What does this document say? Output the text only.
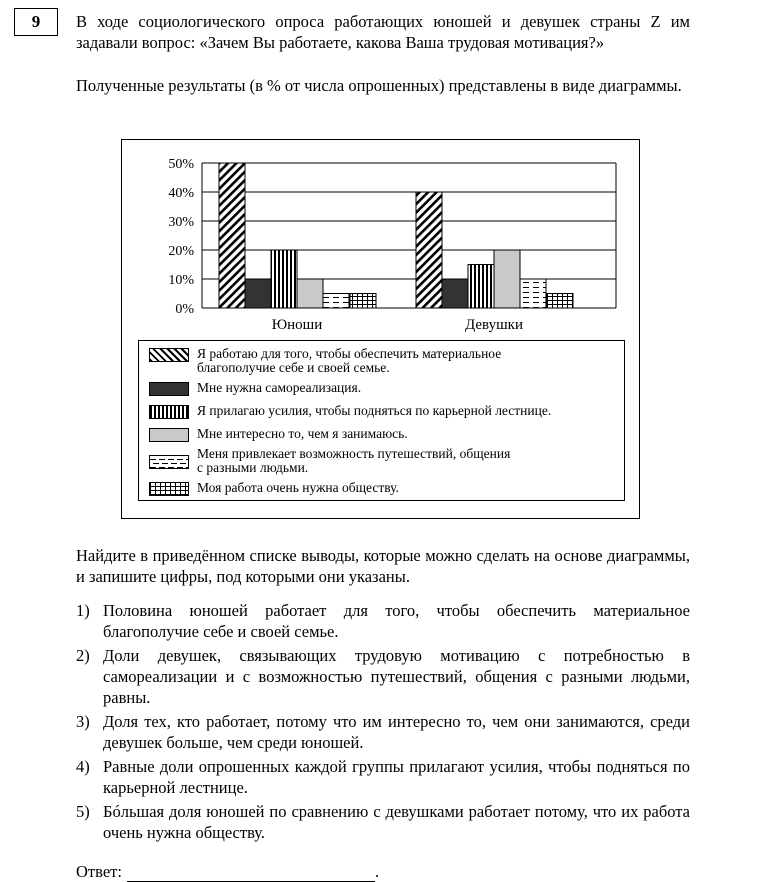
9	В ходе социологического опроса работающих юношей и девушек страны Z им задавали вопрос: «Зачем Вы работаете, какова Ваша трудовая мотивация?»
Полученные результаты (в % от числа опрошенных) представлены в виде диаграммы.
0%
10%
20%
30%
40%
50%
Юноши	Девушки
Я работаю для того, чтобы обеспечить материальное
благополучие себе и своей семье.
Мне нужна самореализация.
Я прилагаю усилия, чтобы подняться по карьерной лестнице.
Мне интересно то, чем я занимаюсь.
Меня привлекает возможность путешествий, общения
с разными людьми.
Моя работа очень нужна обществу.
Найдите в приведённом списке выводы, которые можно сделать на основе диаграммы, и запишите цифры, под которыми они указаны.
1) Половина юношей работает для того, чтобы обеспечить материальное благополучие себе и своей семье.
2) Доли девушек, связывающих трудовую мотивацию с потребностью в самореализации и с возможностью путешествий, общения с разными людьми, равны.
3) Доля тех, кто работает, потому что им интересно то, чем они занимаются, среди девушек больше, чем среди юношей.
4) Равные доли опрошенных каждой группы прилагают усилия, чтобы подняться по карьерной лестнице.
5) Бóльшая доля юношей по сравнению с девушками работает потому, что их работа очень нужна обществу.
Ответ:	.
